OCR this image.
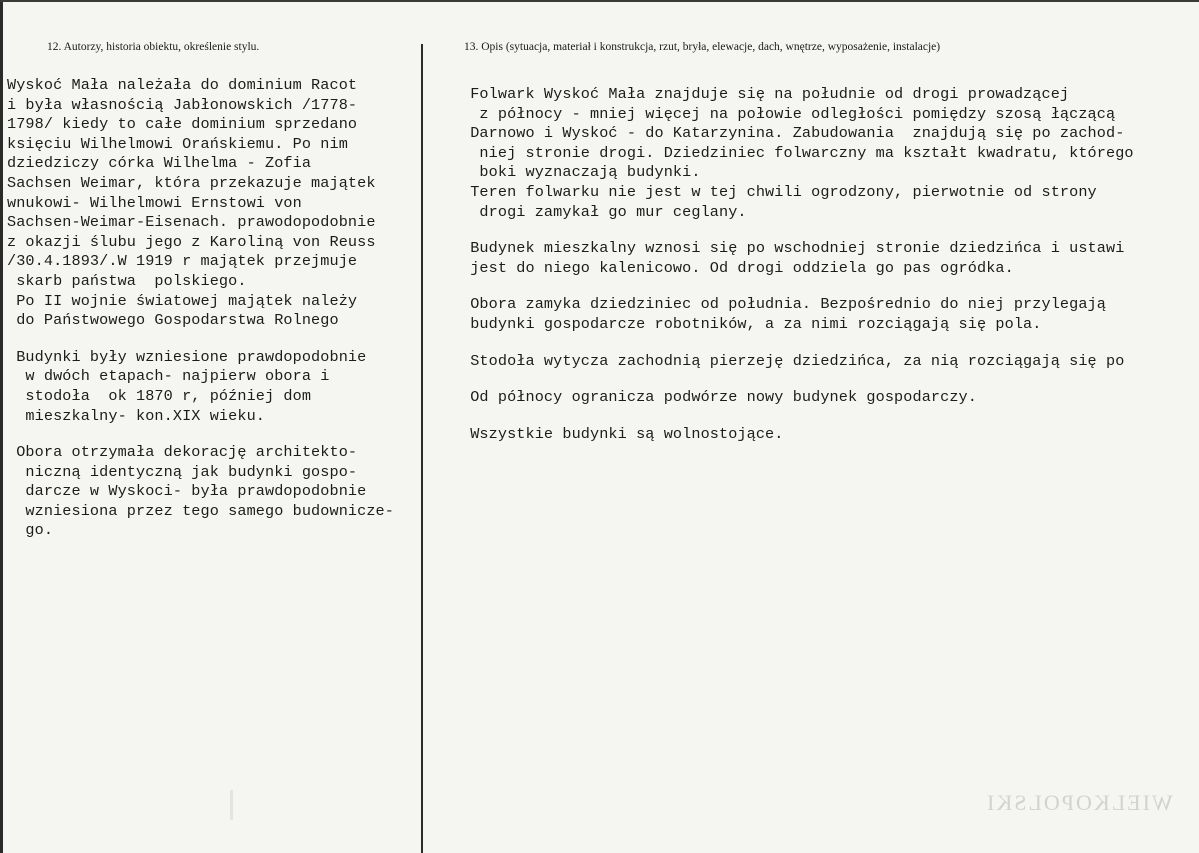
12. Autorzy, historia obiektu, określenie stylu.	13. Opis (sytuacja, materiał i konstrukcja, rzut, bryła, elewacje, dach, wnętrze, wyposażenie, instalacje)
Wyskoć Mała należała do dominium Racot
i była własnością Jabłonowskich /1778-
1798/ kiedy to całe dominium sprzedano
księciu Wilhelmowi Orańskiemu. Po nim
dziedziczy córka Wilhelma - Zofia
Sachsen Weimar, która przekazuje majątek
wnukowi- Wilhelmowi Ernstowi von
Sachsen-Weimar-Eisenach. prawodopodobnie
z okazji ślubu jego z Karoliną von Reuss
/30.4.1893/.W 1919 r majątek przejmuje
skarb państwa  polskiego.
Po II wojnie światowej majątek należy
do Państwowego Gospodarstwa Rolnego
Budynki były wzniesione prawdopodobnie
w dwóch etapach- najpierw obora i
stodoła  ok 1870 r, później dom
mieszkalny- kon.XIX wieku.
Obora otrzymała dekorację architekto-
niczną identyczną jak budynki gospo-
darcze w Wyskoci- była prawdopodobnie
wzniesiona przez tego samego budownicze-
go.
Folwark Wyskoć Mała znajduje się na południe od drogi prowadzącej
z północy - mniej więcej na połowie odległości pomiędzy szosą łączącą
Darnowo i Wyskoć - do Katarzynina. Zabudowania  znajdują się po zachod-
niej stronie drogi. Dziedziniec folwarczny ma kształt kwadratu, którego
boki wyznaczają budynki.
Teren folwarku nie jest w tej chwili ogrodzony, pierwotnie od strony
drogi zamykał go mur ceglany.
Budynek mieszkalny wznosi się po wschodniej stronie dziedzińca i ustawi
jest do niego kalenicowo. Od drogi oddziela go pas ogródka.
Obora zamyka dziedziniec od południa. Bezpośrednio do niej przylegają
budynki gospodarcze robotników, a za nimi rozciągają się pola.
Stodoła wytycza zachodnią pierzeję dziedzińca, za nią rozciągają się po
Od północy ogranicza podwórze nowy budynek gospodarczy.
Wszystkie budynki są wolnostojące.
WIELKOPOLSKI
